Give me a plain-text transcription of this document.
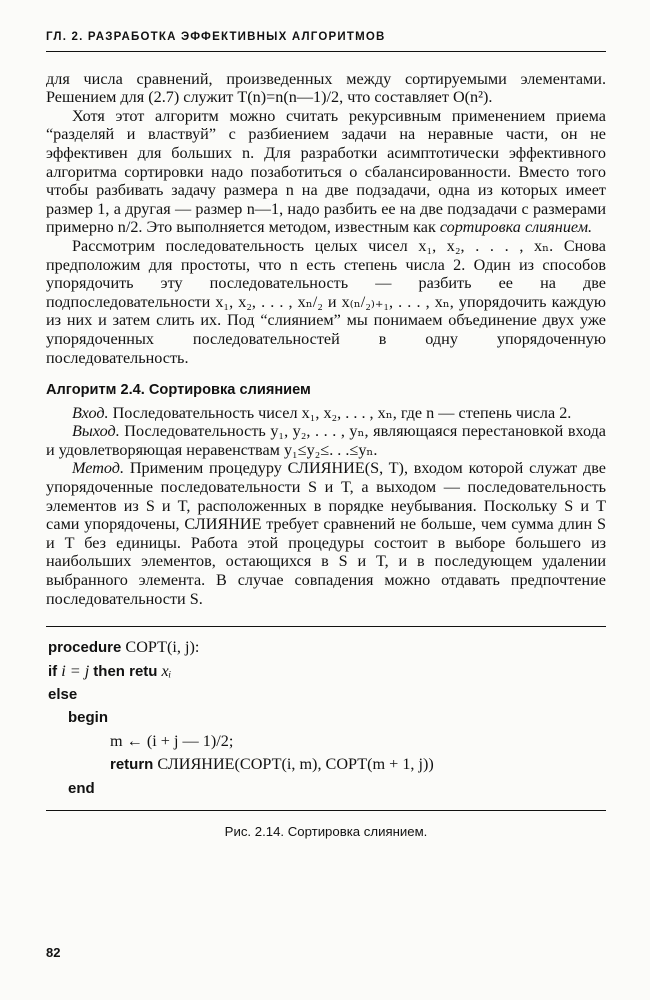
ГЛ. 2. РАЗРАБОТКА ЭФФЕКТИВНЫХ АЛГОРИТМОВ

для числа сравнений, произведенных между сортируемыми элементами. Решением для (2.7) служит T(n)=n(n—1)/2, что составляет O(n²).

Хотя этот алгоритм можно считать рекурсивным применением приема “разделяй и властвуй” с разбиением задачи на неравные части, он не эффективен для больших n. Для разработки асимптотически эффективного алгоритма сортировки надо позаботиться о сбалансированности. Вместо того чтобы разбивать задачу размера n на две подзадачи, одна из которых имеет размер 1, а другая — размер n—1, надо разбить ее на две подзадачи с размерами примерно n/2. Это выполняется методом, известным как сортировка слиянием.

Рассмотрим последовательность целых чисел x₁, x₂, . . . , xₙ. Снова предположим для простоты, что n есть степень числа 2. Один из способов упорядочить эту последовательность — разбить ее на две подпоследовательности x₁, x₂, . . . , xₙ/₂ и x₍ₙ/₂₎₊₁, . . . , xₙ, упорядочить каждую из них и затем слить их. Под “слиянием” мы понимаем объединение двух уже упорядоченных последовательностей в одну упорядоченную последовательность.

Алгоритм 2.4. Сортировка слиянием

Вход. Последовательность чисел x₁, x₂, . . . , xₙ, где n — степень числа 2.

Выход. Последовательность y₁, y₂, . . . , yₙ, являющаяся перестановкой входа и удовлетворяющая неравенствам y₁≤y₂≤. . .≤yₙ.

Метод. Применим процедуру СЛИЯНИЕ(S, T), входом которой служат две упорядоченные последовательности S и T, а выходом — последовательность элементов из S и T, расположенных в порядке неубывания. Поскольку S и T сами упорядочены, СЛИЯНИЕ требует сравнений не больше, чем сумма длин S и T без единицы. Работа этой процедуры состоит в выборе большего из наибольших элементов, остающихся в S и T, и в последующем удалении выбранного элемента. В случае совпадения можно отдавать предпочтение последовательности S.

procedure СОРТ(i, j):
if i = j then retu xᵢ
else
begin
m ← (i + j — 1)/2;
return СЛИЯНИЕ(СОРТ(i, m), СОРТ(m + 1, j))
end
Рис. 2.14. Сортировка слиянием.
82
